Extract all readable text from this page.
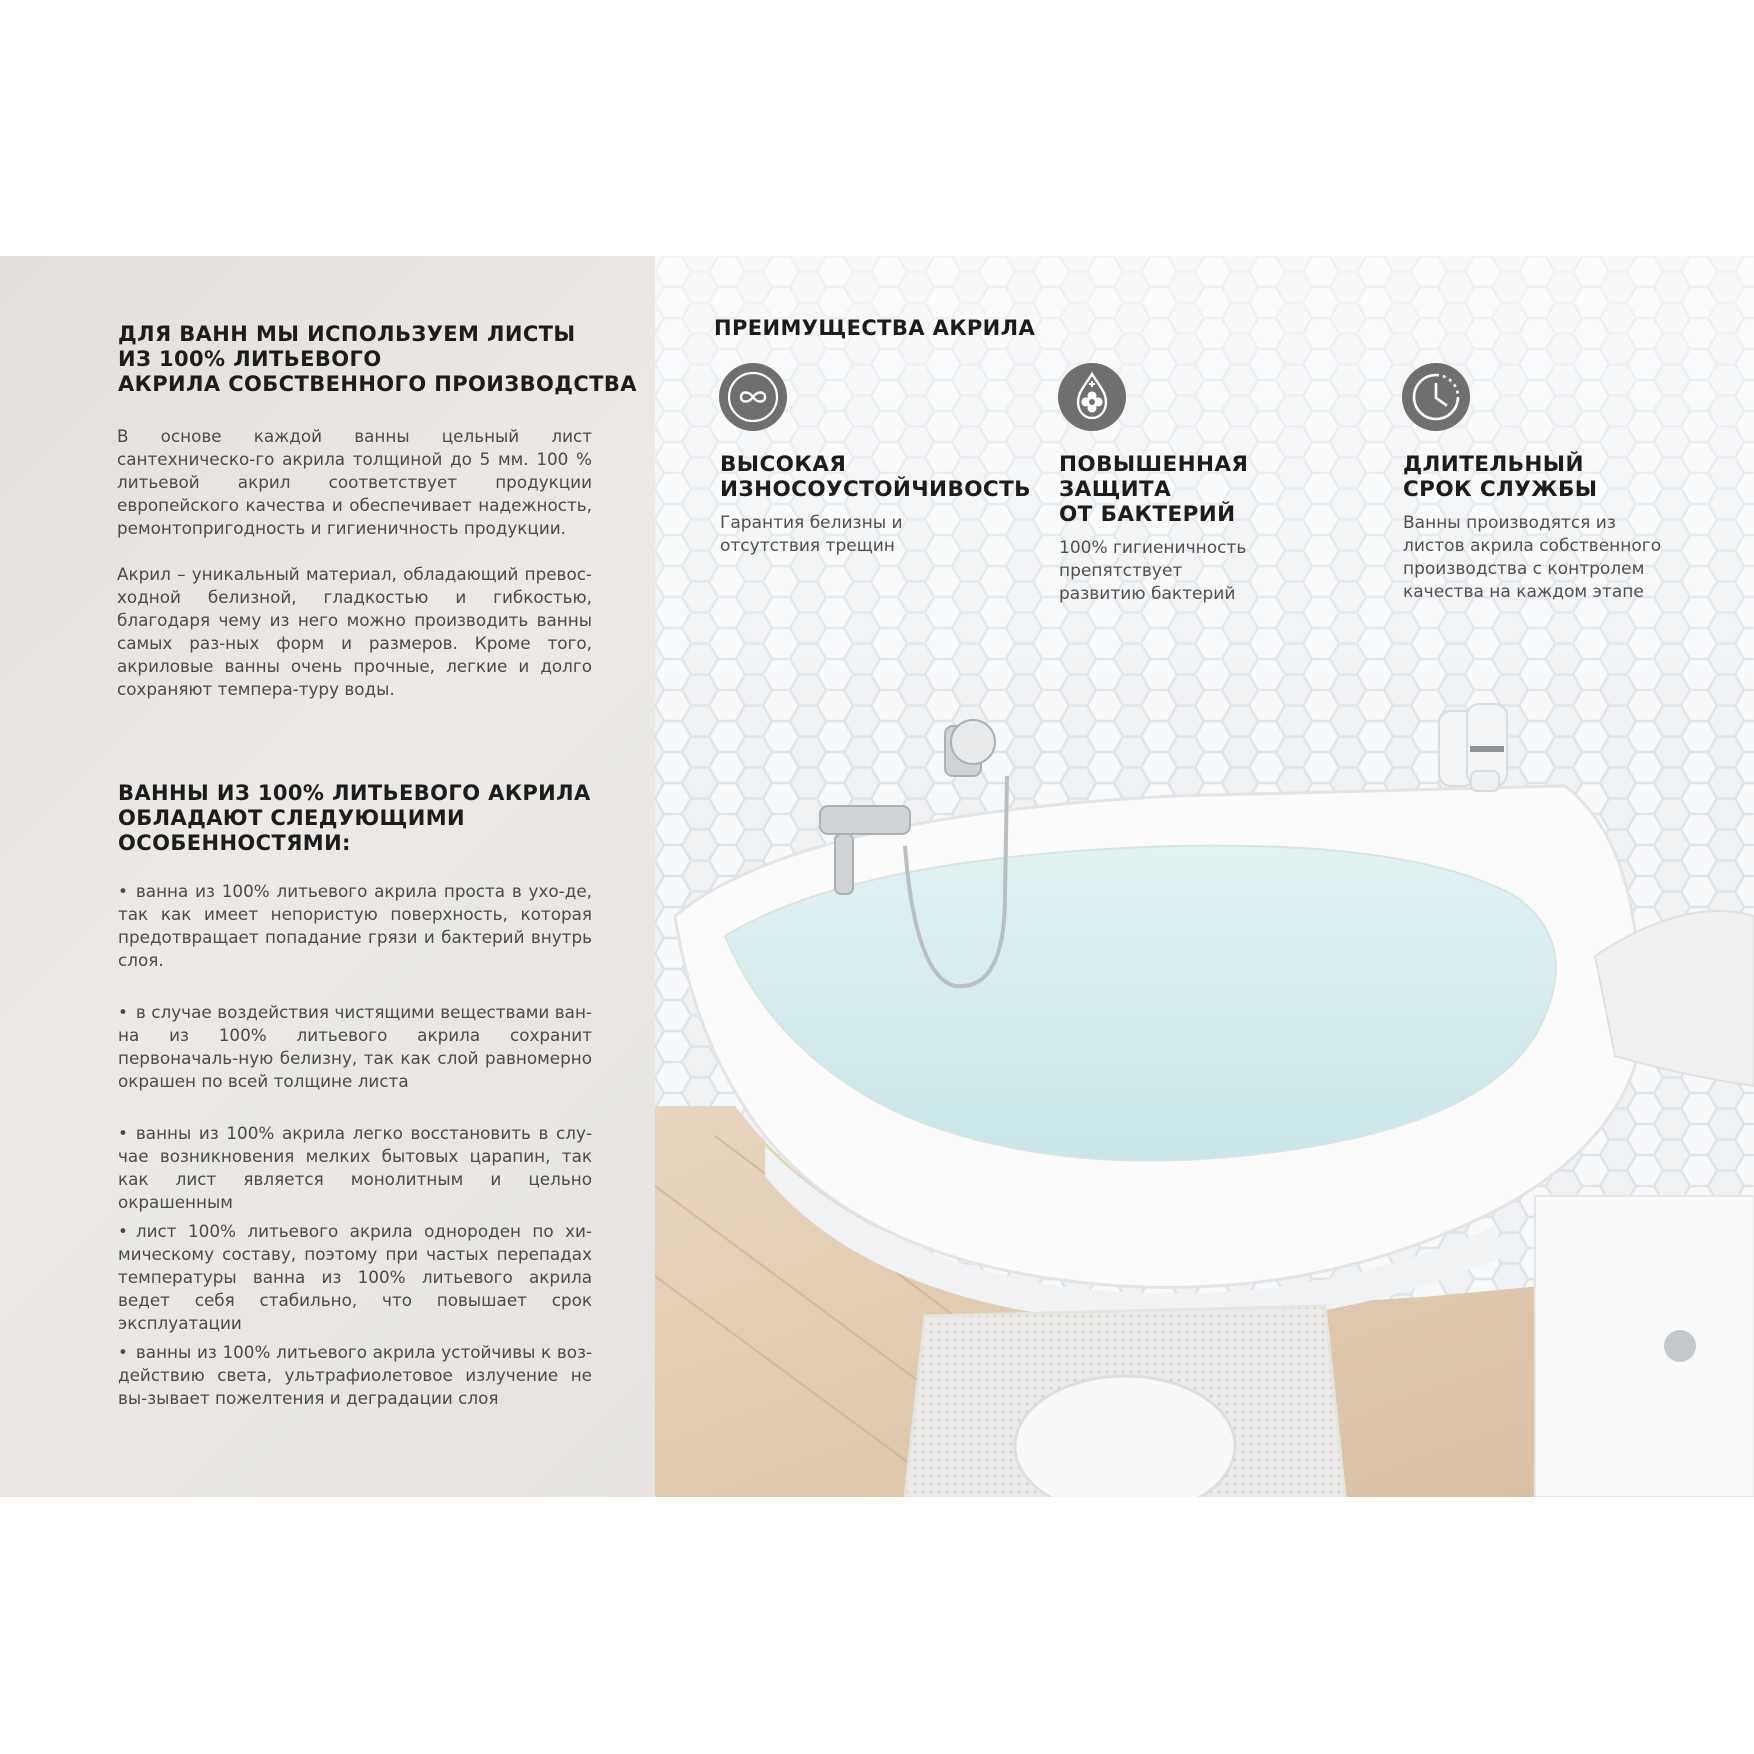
ДЛЯ ВАНН МЫ ИСПОЛЬЗУЕМ ЛИСТЫ
ИЗ 100% ЛИТЬЕВОГО
АКРИЛА СОБСТВЕННОГО ПРОИЗВОДСТВА
В основе каждой ванны цельный лист сантехническо-го акрила толщиной до 5 мм. 100 % литьевой акрил соответствует продукции европейского качества и обеспечивает надежность, ремонтопригодность и гигиеничность продукции.
Акрил – уникальный материал, обладающий превос-ходной белизной, гладкостью и гибкостью, благодаря чему из него можно производить ванны самых раз-ных форм и размеров. Кроме того, акриловые ванны очень прочные, легкие и долго сохраняют темпера-туру воды.
ВАННЫ ИЗ 100% ЛИТЬЕВОГО АКРИЛА
ОБЛАДАЮТ СЛЕДУЮЩИМИ
ОСОБЕННОСТЯМИ:
• ванна из 100% литьевого акрила проста в ухо-де, так как имеет непористую поверхность, которая предотвращает попадание грязи и бактерий внутрь слоя.
• в случае воздействия чистящими веществами ван-на из 100% литьевого акрила сохранит первоначаль-ную белизну, так как слой равномерно окрашен по всей толщине листа
• ванны из 100% акрила легко восстановить в слу-чае возникновения мелких бытовых царапин, так как лист является монолитным и цельно окрашенным
• лист 100% литьевого акрила однороден по хи-мическому составу, поэтому при частых перепадах температуры ванна из 100% литьевого акрила ведет себя стабильно, что повышает срок эксплуатации
• ванны из 100% литьевого акрила устойчивы к воз-действию света, ультрафиолетовое излучение не вы-зывает пожелтения и деградации слоя
ПРЕИМУЩЕСТВА АКРИЛА
ВЫСОКАЯ
ИЗНОСОУСТОЙЧИВОСТЬ
Гарантия белизны и
отсутствия трещин
ПОВЫШЕННАЯ ЗАЩИТА
ОТ БАКТЕРИЙ
100% гигиеничность препятствует
развитию бактерий
ДЛИТЕЛЬНЫЙ
СРОК СЛУЖБЫ
Ванны производятся из
листов акрила собственного
производства с контролем
качества на каждом этапе
